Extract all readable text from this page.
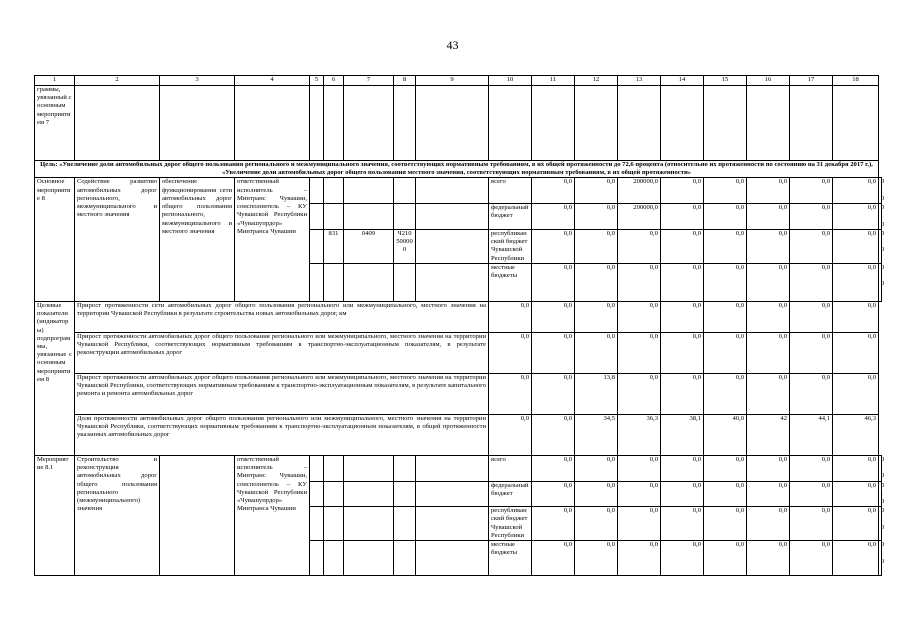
43
1	2	3	4	5	6	7	8	9	10	11	12	13	14	15	16	17	18	
граммы, увязанный с основным мероприятием 7																		
Цель: «Увеличение доли автомобильных дорог общего пользования регионального и межмуниципального значения, соответствующих нормативным требованиям, в их общей протяженности до 72,6 процента (относительно их протяженности по состоянию на 31 декабря 2017 г.), «Увеличение доли автомобильных дорог общего пользования местного значения, соответствующих нормативным требованиям, в их общей протяженности»																		
Основное мероприятие 8	Содействие развитию автомобильных дорог регионального, межмуниципального и местного значения	обеспечение функционирования сети автомобильных дорог общего пользования регионального, межмуниципального и местного значения	ответственный исполнитель – Минтранс Чувашии, соисполнитель – КУ Чувашской Республики «Чувашупрдор» Минтранса Чувашии						всего	0,0	0,0	200000,0	0,0	0,0	0,0	0,0	0,0	0,0
									федеральный бюджет	0,0	0,0	200000,0	0,0	0,0	0,0	0,0	0,0	0,0
					831	0409	Ч210500000		республиканский бюджет Чувашской Республики	0,0	0,0	0,0	0,0	0,0	0,0	0,0	0,0	0,0
									местные бюджеты	0,0	0,0	0,0	0,0	0,0	0,0	0,0	0,0	0,0
Целевые показатели (индикаторы) подпрограммы, увязанные с основным мероприятием 8	Прирост протяженности сети автомобильных дорог общего пользования регионального или межмуниципального, местного значения на территории Чувашской Республики в результате строительства новых автомобильных дорог, км								0,0	0,0	0,0	0,0	0,0	0,0	0,0	0,0	0,0	
	Прирост протяженности автомобильных дорог общего пользования регионального или межмуниципального, местного значения на территории Чувашской Республики, соответствующих нормативным требованиям к транспортно-эксплуатационным показателям, в результате реконструкции автомобильных дорог								0,0	0,0	0,0	0,0	0,0	0,0	0,0	0,0	0,0	
	Прирост протяженности автомобильных дорог общего пользования регионального или межмуниципального, местного значения на территории Чувашской Республики, соответствующих нормативным требованиям к транспортно-эксплуатационным показателям, в результате капитального ремонта и ремонта автомобильных дорог								0,0	0,0	13,8	0,0	0,0	0,0	0,0	0,0	0,0	
	Доля протяженности автомобильных дорог общего пользования регионального или межмуниципального, местного значения на территории Чувашской Республики, соответствующих нормативным требованиям к транспортно-эксплуатационным показателям, в общей протяженности указанных автомобильных дорог								0,0	0,0	34,5	36,3	38,1	40,0	42	44,1	46,3	
Мероприятие 8.1	Строительство и реконструкция автомобильных дорог общего пользования регионального (межмуниципального) значения		ответственный исполнитель – Минтранс Чувашии, соисполнитель – КУ Чувашской Республики «Чувашупрдор» Минтранса Чувашии						всего	0,0	0,0	0,0	0,0	0,0	0,0	0,0	0,0	0,0
									федеральный бюджет	0,0	0,0	0,0	0,0	0,0	0,0	0,0	0,0	0,0
									республиканский бюджет Чувашской Республики	0,0	0,0	0,0	0,0	0,0	0,0	0,0	0,0	0,0
									местные бюджеты	0,0	0,0	0,0	0,0	0,0	0,0	0,0	0,0	0,0
